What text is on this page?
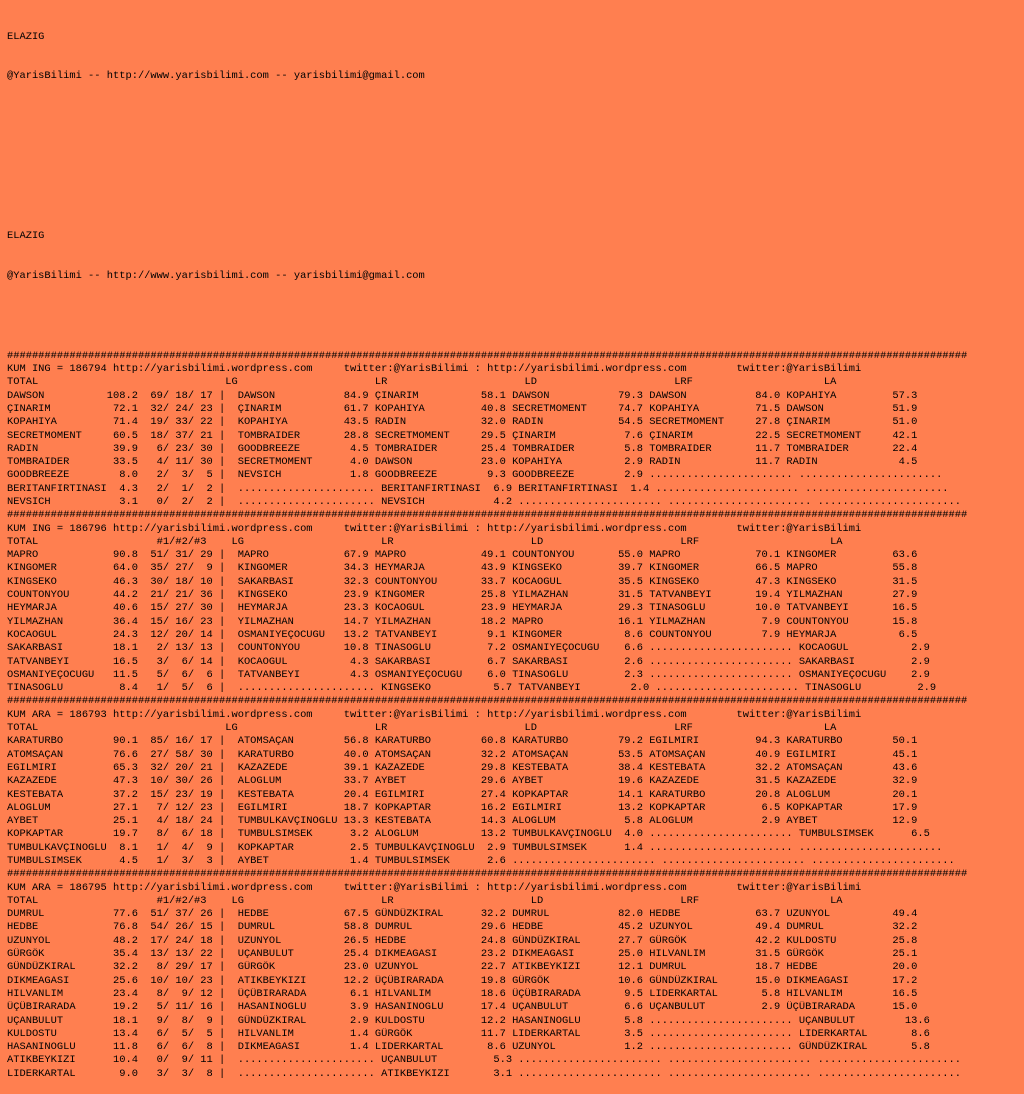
ELAZIG

@YarisBilimi -- http://www.yarisbilimi.com -- yarisbilimi@gmail.com

ELAZIG

@YarisBilimi -- http://www.yarisbilimi.com -- yarisbilimi@gmail.com

##########################################################################################################################################################
KUM ING = 186794 http://yarisbilimi.wordpress.com     twitter:@YarisBilimi : http://yarisbilimi.wordpress.com        twitter:@YarisBilimi
TOTAL                              LG                      LR                      LD                      LRF                     LA
DAWSON          108.2  69/ 18/ 17 |  DAWSON           84.9 ÇINARIM          58.1 DAWSON           79.3 DAWSON           84.0 KOPAHIYA         57.3
ÇINARIM          72.1  32/ 24/ 23 |  ÇINARIM          61.7 KOPAHIYA         40.8 SECRETMOMENT     74.7 KOPAHIYA         71.5 DAWSON           51.9
KOPAHIYA         71.4  19/ 33/ 22 |  KOPAHIYA         43.5 RADIN            32.0 RADIN            54.5 SECRETMOMENT     27.8 ÇINARIM          51.0
SECRETMOMENT     60.5  18/ 37/ 21 |  TOMBRAIDER       28.8 SECRETMOMENT     29.5 ÇINARIM           7.6 ÇINARIM          22.5 SECRETMOMENT     42.1
RADIN            39.9   6/ 23/ 30 |  GOODBREEZE        4.5 TOMBRAIDER       25.4 TOMBRAIDER        5.8 TOMBRAIDER       11.7 TOMBRAIDER       22.4
TOMBRAIDER       33.5   4/ 11/ 30 |  SECRETMOMENT      4.0 DAWSON           23.0 KOPAHIYA          2.9 RADIN            11.7 RADIN             4.5
GOODBREEZE        8.0   2/  3/  5 |  NEVSICH           1.8 GOODBREEZE        9.3 GOODBREEZE        2.9 ....................... .......................
BERITANFIRTINASI  4.3   2/  1/  2 |  ...................... BERITANFIRTINASI  6.9 BERITANFIRTINASI  1.4 ....................... .......................
NEVSICH           3.1   0/  2/  2 |  ...................... NEVSICH           4.2 ....................... ....................... .......................
##########################################################################################################################################################
KUM ING = 186796 http://yarisbilimi.wordpress.com     twitter:@YarisBilimi : http://yarisbilimi.wordpress.com        twitter:@YarisBilimi
TOTAL                   #1/#2/#3    LG                      LR                      LD                      LRF                     LA
MAPRO            90.8  51/ 31/ 29 |  MAPRO            67.9 MAPRO            49.1 COUNTONYOU       55.0 MAPRO            70.1 KINGOMER         63.6
KINGOMER         64.0  35/ 27/  9 |  KINGOMER         34.3 HEYMARJA         43.9 KINGSEKO         39.7 KINGOMER         66.5 MAPRO            55.8
KINGSEKO         46.3  30/ 18/ 10 |  SAKARBASI        32.3 COUNTONYOU       33.7 KOCAOGUL         35.5 KINGSEKO         47.3 KINGSEKO         31.5
COUNTONYOU       44.2  21/ 21/ 36 |  KINGSEKO         23.9 KINGOMER         25.8 YILMAZHAN        31.5 TATVANBEYI       19.4 YILMAZHAN        27.9
HEYMARJA         40.6  15/ 27/ 30 |  HEYMARJA         23.3 KOCAOGUL         23.9 HEYMARJA         29.3 TINASOGLU        10.0 TATVANBEYI       16.5
YILMAZHAN        36.4  15/ 16/ 23 |  YILMAZHAN        14.7 YILMAZHAN        18.2 MAPRO            16.1 YILMAZHAN         7.9 COUNTONYOU       15.8
KOCAOGUL         24.3  12/ 20/ 14 |  OSMANIYEÇOCUGU   13.2 TATVANBEYI        9.1 KINGOMER          8.6 COUNTONYOU        7.9 HEYMARJA          6.5
SAKARBASI        18.1   2/ 13/ 13 |  COUNTONYOU       10.8 TINASOGLU         7.2 OSMANIYEÇOCUGU    6.6 ....................... KOCAOGUL          2.9
TATVANBEYI       16.5   3/  6/ 14 |  KOCAOGUL          4.3 SAKARBASI         6.7 SAKARBASI         2.6 ....................... SAKARBASI         2.9
OSMANIYEÇOCUGU   11.5   5/  6/  6 |  TATVANBEYI        4.3 OSMANIYEÇOCUGU    6.0 TINASOGLU         2.3 ....................... OSMANIYEÇOCUGU    2.9
TINASOGLU         8.4   1/  5/  6 |  ...................... KINGSEKO          5.7 TATVANBEYI        2.0 ....................... TINASOGLU         2.9
##########################################################################################################################################################
KUM ARA = 186793 http://yarisbilimi.wordpress.com     twitter:@YarisBilimi : http://yarisbilimi.wordpress.com        twitter:@YarisBilimi
TOTAL                              LG                      LR                      LD                      LRF                     LA
KARATURBO        90.1  85/ 16/ 17 |  ATOMSAÇAN        56.8 KARATURBO        60.8 KARATURBO        79.2 EGILMIRI         94.3 KARATURBO        50.1
ATOMSAÇAN        76.6  27/ 58/ 30 |  KARATURBO        40.0 ATOMSAÇAN        32.2 ATOMSAÇAN        53.5 ATOMSAÇAN        40.9 EGILMIRI         45.1
EGILMIRI         65.3  32/ 20/ 21 |  KAZAZEDE         39.1 KAZAZEDE         29.8 KESTEBATA        38.4 KESTEBATA        32.2 ATOMSAÇAN        43.6
KAZAZEDE         47.3  10/ 30/ 26 |  ALOGLUM          33.7 AYBET            29.6 AYBET            19.6 KAZAZEDE         31.5 KAZAZEDE         32.9
KESTEBATA        37.2  15/ 23/ 19 |  KESTEBATA        20.4 EGILMIRI         27.4 KOPKAPTAR        14.1 KARATURBO        20.8 ALOGLUM          20.1
ALOGLUM          27.1   7/ 12/ 23 |  EGILMIRI         18.7 KOPKAPTAR        16.2 EGILMIRI         13.2 KOPKAPTAR         6.5 KOPKAPTAR        17.9
AYBET            25.1   4/ 18/ 24 |  TUMBULKAVÇINOGLU 13.3 KESTEBATA        14.3 ALOGLUM           5.8 ALOGLUM           2.9 AYBET            12.9
KOPKAPTAR        19.7   8/  6/ 18 |  TUMBULSIMSEK      3.2 ALOGLUM          13.2 TUMBULKAVÇINOGLU  4.0 ....................... TUMBULSIMSEK      6.5
TUMBULKAVÇINOGLU  8.1   1/  4/  9 |  KOPKAPTAR         2.5 TUMBULKAVÇINOGLU  2.9 TUMBULSIMSEK      1.4 ....................... .......................
TUMBULSIMSEK      4.5   1/  3/  3 |  AYBET             1.4 TUMBULSIMSEK      2.6 ....................... ....................... .......................
##########################################################################################################################################################
KUM ARA = 186795 http://yarisbilimi.wordpress.com     twitter:@YarisBilimi : http://yarisbilimi.wordpress.com        twitter:@YarisBilimi
TOTAL                   #1/#2/#3    LG                      LR                      LD                      LRF                     LA
DUMRUL           77.6  51/ 37/ 26 |  HEDBE            67.5 GÜNDÜZKIRAL      32.2 DUMRUL           82.0 HEDBE            63.7 UZUNYOL          49.4
HEDBE            76.8  54/ 26/ 15 |  DUMRUL           58.8 DUMRUL           29.6 HEDBE            45.2 UZUNYOL          49.4 DUMRUL           32.2
UZUNYOL          48.2  17/ 24/ 18 |  UZUNYOL          26.5 HEDBE            24.8 GÜNDÜZKIRAL      27.7 GÜRGÖK           42.2 KULDOSTU         25.8
GÜRGÖK           35.4  13/ 13/ 22 |  UÇANBULUT        25.4 DIKMEAGASI       23.2 DIKMEAGASI       25.0 HILVANLIM        31.5 GÜRGÖK           25.1
GÜNDÜZKIRAL      32.2   8/ 29/ 17 |  GÜRGÖK           23.0 UZUNYOL          22.7 ATIKBEYKIZI      12.1 DUMRUL           18.7 HEDBE            20.0
DIKMEAGASI       25.6  10/ 10/ 23 |  ATIKBEYKIZI      12.2 ÜÇÜBIRARADA      19.8 GÜRGÖK           10.6 GÜNDÜZKIRAL      15.0 DIKMEAGASI       17.2
HILVANLIM        23.4   8/  9/ 12 |  ÜÇÜBIRARADA       6.1 HILVANLIM        18.6 ÜÇÜBIRARADA       9.5 LIDERKARTAL       5.8 HILVANLIM        16.5
ÜÇÜBIRARADA      19.2   5/ 11/ 16 |  HASANINOGLU       3.9 HASANINOGLU      17.4 UÇANBULUT         6.6 UÇANBULUT         2.9 ÜÇÜBIRARADA      15.0
UÇANBULUT        18.1   9/  8/  9 |  GÜNDÜZKIRAL       2.9 KULDOSTU         12.2 HASANINOGLU       5.8 ....................... UÇANBULUT        13.6
KULDOSTU         13.4   6/  5/  5 |  HILVANLIM         1.4 GÜRGÖK           11.7 LIDERKARTAL       3.5 ....................... LIDERKARTAL       8.6
HASANINOGLU      11.8   6/  6/  8 |  DIKMEAGASI        1.4 LIDERKARTAL       8.6 UZUNYOL           1.2 ....................... GÜNDÜZKIRAL       5.8
ATIKBEYKIZI      10.4   0/  9/ 11 |  ...................... UÇANBULUT         5.3 ....................... ....................... .......................
LIDERKARTAL       9.0   3/  3/  8 |  ...................... ATIKBEYKIZI       3.1 ....................... ....................... .......................
